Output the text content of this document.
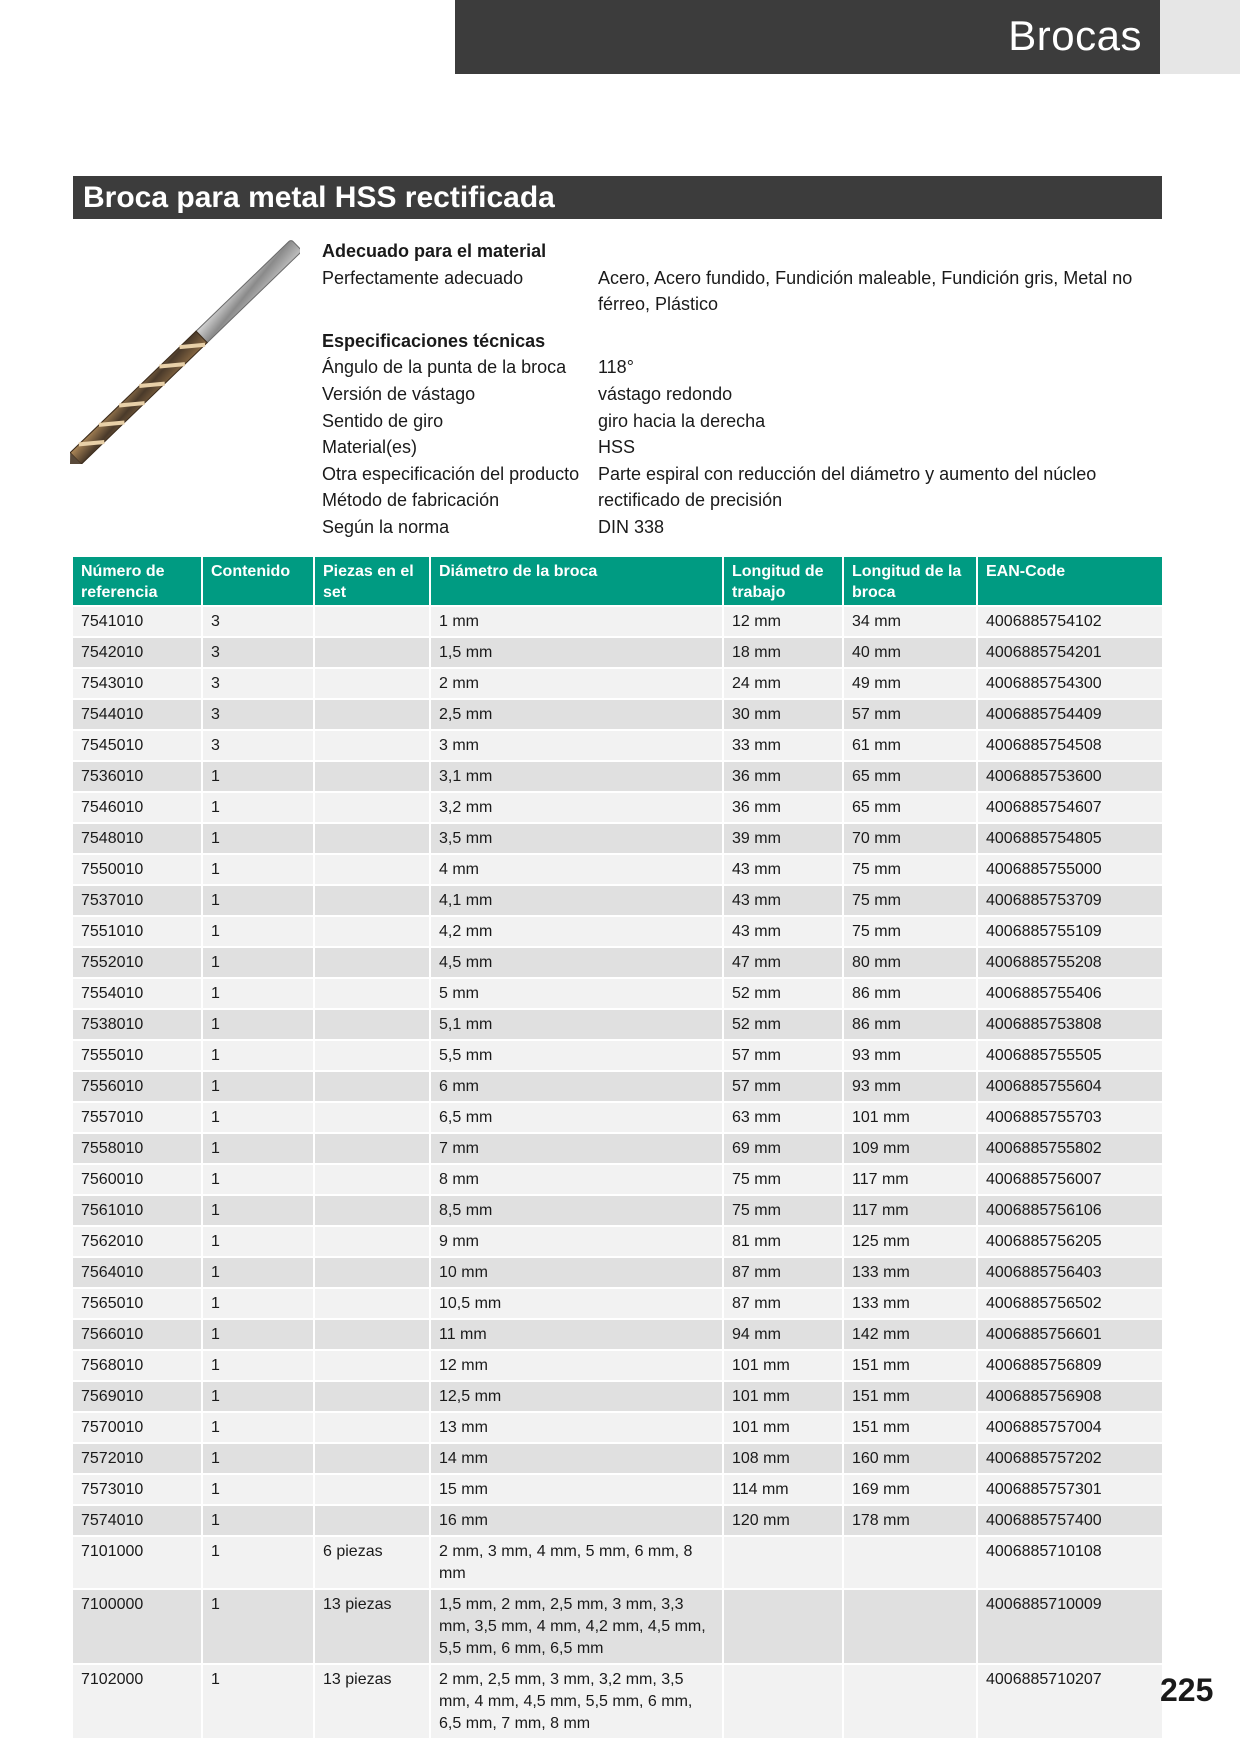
Brocas
Broca para metal HSS rectificada
Adecuado para el material
Perfectamente adecuado	Acero, Acero fundido, Fundición maleable, Fundición gris, Metal no férreo, Plástico
Especificaciones técnicas
Ángulo de la punta de la broca	118°
Versión de vástago	vástago redondo
Sentido de giro	giro hacia la derecha
Material(es)	HSS
Otra especificación del producto	Parte espiral con reducción del diámetro y aumento del núcleo
Método de fabricación	rectificado de precisión
Según la norma	DIN 338
Número de referencia	Contenido	Piezas en el set	Diámetro de la broca	Longitud de trabajo	Longitud de la broca	EAN-Code
7541010	3		1 mm	12 mm	34 mm	4006885754102
7542010	3		1,5 mm	18 mm	40 mm	4006885754201
7543010	3		2 mm	24 mm	49 mm	4006885754300
7544010	3		2,5 mm	30 mm	57 mm	4006885754409
7545010	3		3 mm	33 mm	61 mm	4006885754508
7536010	1		3,1 mm	36 mm	65 mm	4006885753600
7546010	1		3,2 mm	36 mm	65 mm	4006885754607
7548010	1		3,5 mm	39 mm	70 mm	4006885754805
7550010	1		4 mm	43 mm	75 mm	4006885755000
7537010	1		4,1 mm	43 mm	75 mm	4006885753709
7551010	1		4,2 mm	43 mm	75 mm	4006885755109
7552010	1		4,5 mm	47 mm	80 mm	4006885755208
7554010	1		5 mm	52 mm	86 mm	4006885755406
7538010	1		5,1 mm	52 mm	86 mm	4006885753808
7555010	1		5,5 mm	57 mm	93 mm	4006885755505
7556010	1		6 mm	57 mm	93 mm	4006885755604
7557010	1		6,5 mm	63 mm	101 mm	4006885755703
7558010	1		7 mm	69 mm	109 mm	4006885755802
7560010	1		8 mm	75 mm	117 mm	4006885756007
7561010	1		8,5 mm	75 mm	117 mm	4006885756106
7562010	1		9 mm	81 mm	125 mm	4006885756205
7564010	1		10 mm	87 mm	133 mm	4006885756403
7565010	1		10,5 mm	87 mm	133 mm	4006885756502
7566010	1		11 mm	94 mm	142 mm	4006885756601
7568010	1		12 mm	101 mm	151 mm	4006885756809
7569010	1		12,5 mm	101 mm	151 mm	4006885756908
7570010	1		13 mm	101 mm	151 mm	4006885757004
7572010	1		14 mm	108 mm	160 mm	4006885757202
7573010	1		15 mm	114 mm	169 mm	4006885757301
7574010	1		16 mm	120 mm	178 mm	4006885757400
7101000	1	6 piezas	2 mm, 3 mm, 4 mm, 5 mm, 6 mm, 8 mm			4006885710108
7100000	1	13 piezas	1,5 mm, 2 mm, 2,5 mm, 3 mm, 3,3 mm, 3,5 mm, 4 mm, 4,2 mm, 4,5 mm, 5,5 mm, 6 mm, 6,5 mm			4006885710009
7102000	1	13 piezas	2 mm, 2,5 mm, 3 mm, 3,2 mm, 3,5 mm, 4 mm, 4,5 mm, 5,5 mm, 6 mm, 6,5 mm, 7 mm, 8 mm			4006885710207 225
